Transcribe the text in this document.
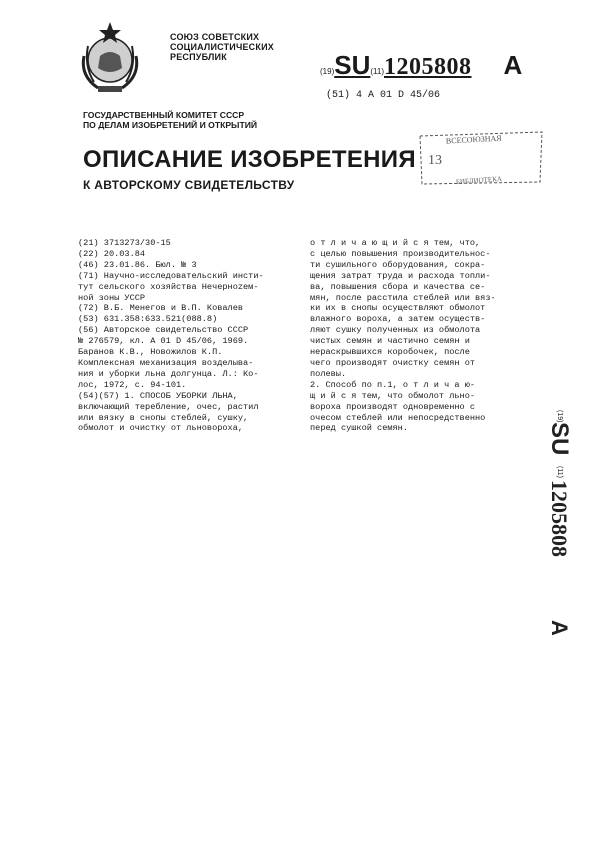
СОЮЗ СОВЕТСКИХ
СОЦИАЛИСТИЧЕСКИХ
РЕСПУБЛИК
(19)SU(11)1205808 A
(51) 4 A 01 D 45/06
ГОСУДАРСТВЕННЫЙ КОМИТЕТ СССР
ПО ДЕЛАМ ИЗОБРЕТЕНИЙ И ОТКРЫТИЙ
ОПИСАНИЕ ИЗОБРЕТЕНИЯ
К АВТОРСКОМУ СВИДЕТЕЛЬСТВУ
ВСЕСОЮЗНАЯ
13
БИБЛИОТЕКА
(21) 3713273/30-15
(22) 20.03.84
(46) 23.01.86. Бюл. № 3
(71) Научно-исследовательский инсти-
тут сельского хозяйства Нечерноzем-
ной зоны УССР
(72) В.Б. Менегов и В.П. Ковалев
(53) 631.358:633.521(088.8)
(56) Авторское свидетельство СССР
№ 276579, кл. A 01 D 45/06, 1969.
Баранов К.В., Новожилов К.П.
Комплексная механизация возделыва-
ния и уборки льна долгунца. Л.: Ко-
лос, 1972, с. 94-101.
(54)(57) 1. СПОСОБ УБОРКИ ЛЬНА,
включающий теребление, очес, растил
или вязку в снопы стеблей, сушку,
обмолот и очистку от льновороха,
о т л и ч а ю щ и й с я тем, что,
с целью повышения производительнос-
ти сушильного оборудования, сокра-
щения затрат труда и расхода топли-
ва, повышения сбора и качества се-
мян, после расстила стеблей или вяз-
ки их в снопы осуществляют обмолот
влажного вороха, а затем осуществ-
ляют сушку полученных из обмолота
чистых семян и частично семян и
нераскрывшихся коробочек, после
чего производят очистку семян от
полевы.
2. Способ по п.1, о т л и ч а ю-
щ и й с я тем, что обмолот льно-
вороха производят одновременно с
очесом стеблей или непосредственно
перед сушкой семян.
(19)
SU
(11)
1205808
A
